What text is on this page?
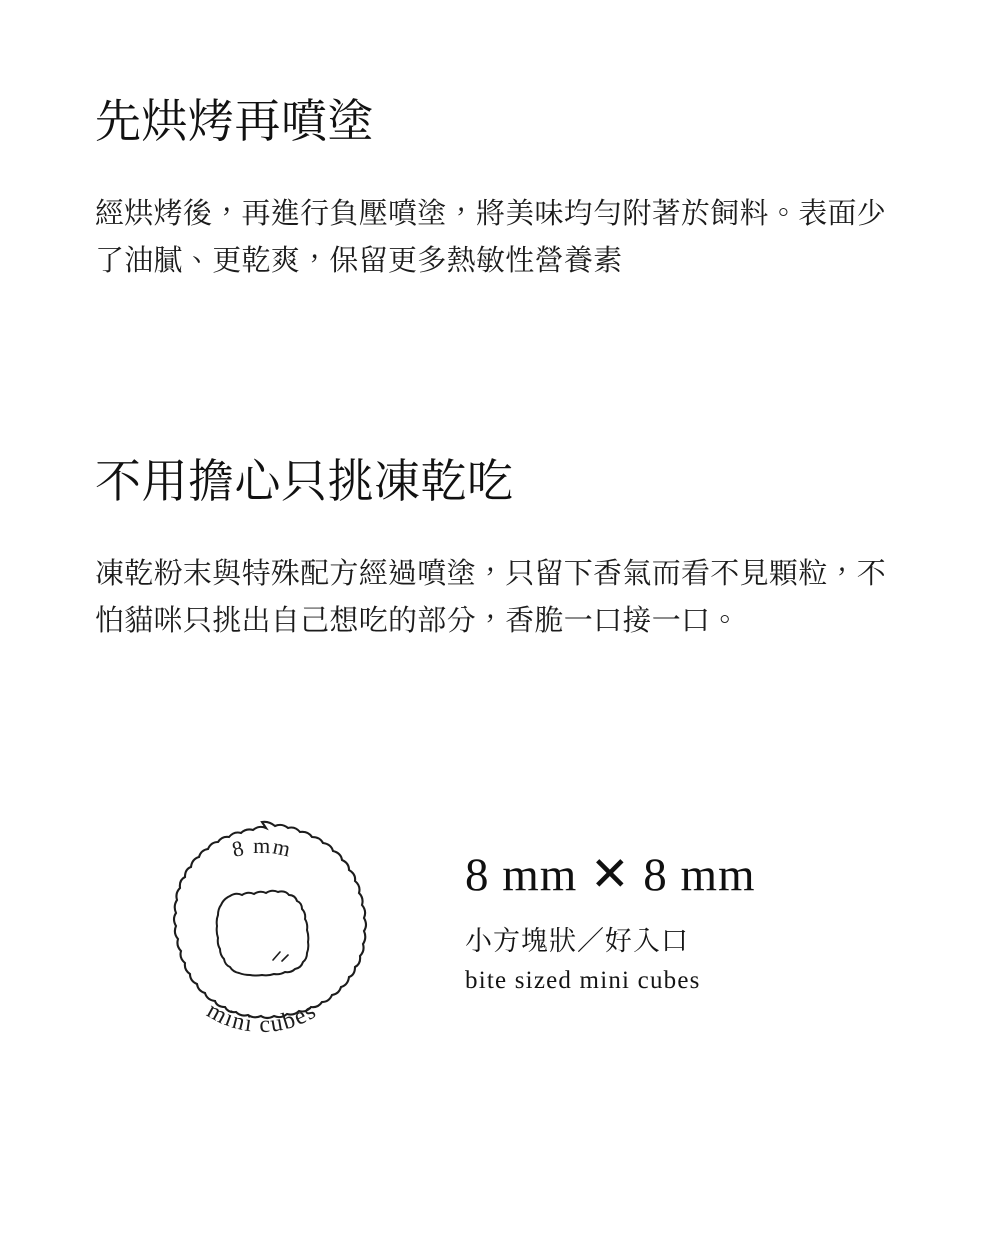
先烘烤再噴塗

經烘烤後，再進行負壓噴塗，將美味均勻附著於飼料。表面少了油膩、更乾爽，保留更多熱敏性營養素

不用擔心只挑凍乾吃

凍乾粉末與特殊配方經過噴塗，只留下香氣而看不見顆粒，不怕貓咪只挑出自己想吃的部分，香脆一口接一口。

8 mm
mini cubes
8 mm ✕ 8 mm
小方塊狀／好入口
bite sized mini cubes
